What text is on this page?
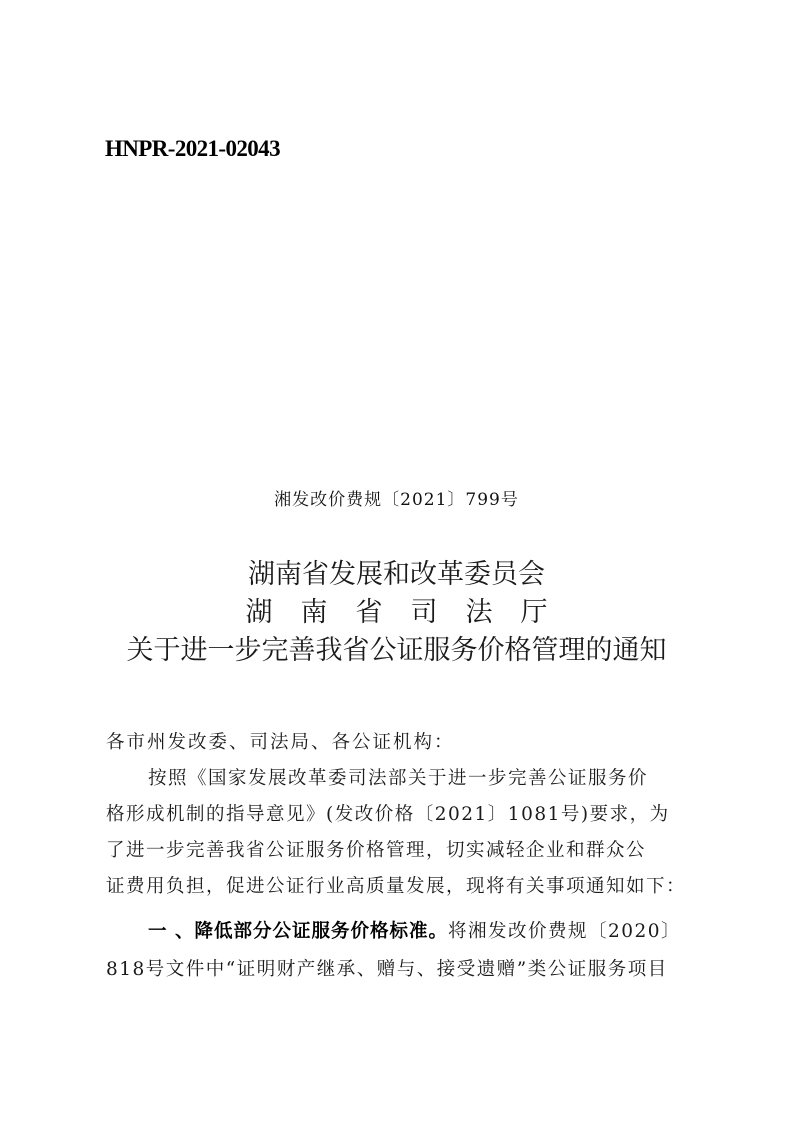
HNPR-2021-02043
湘发改价费规〔2021〕799号
湖南省发展和改革委员会
湖南省司法厅
关于进一步完善我省公证服务价格管理的通知
各市州发改委、司法局、各公证机构：
按照《国家发展改革委司法部关于进一步完善公证服务价
格形成机制的指导意见》(发改价格〔2021〕1081号)要求，为
了进一步完善我省公证服务价格管理，切实减轻企业和群众公
证费用负担，促进公证行业高质量发展，现将有关事项通知如下：
一 、降低部分公证服务价格标准。将湘发改价费规〔2020〕
818号文件中“证明财产继承、赠与、接受遗赠”类公证服务项目
